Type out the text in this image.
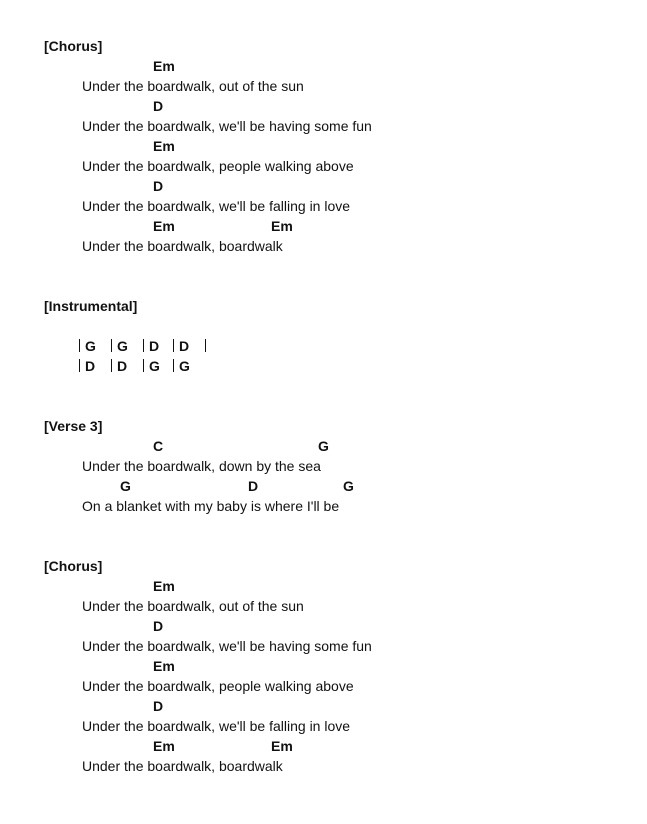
[Chorus]
Em
Under the boardwalk, out of the sun
D
Under the boardwalk, we'll be having some fun
Em
Under the boardwalk, people walking above
D
Under the boardwalk, we'll be falling in love
Em	Em
Under the boardwalk, boardwalk
[Instrumental]
G G D D
D D G G
[Verse 3]
C	G
Under the boardwalk, down by the sea
G	D	G
On a blanket with my baby is where I'll be
[Chorus]
Em
Under the boardwalk, out of the sun
D
Under the boardwalk, we'll be having some fun
Em
Under the boardwalk, people walking above
D
Under the boardwalk, we'll be falling in love
Em	Em
Under the boardwalk, boardwalk
